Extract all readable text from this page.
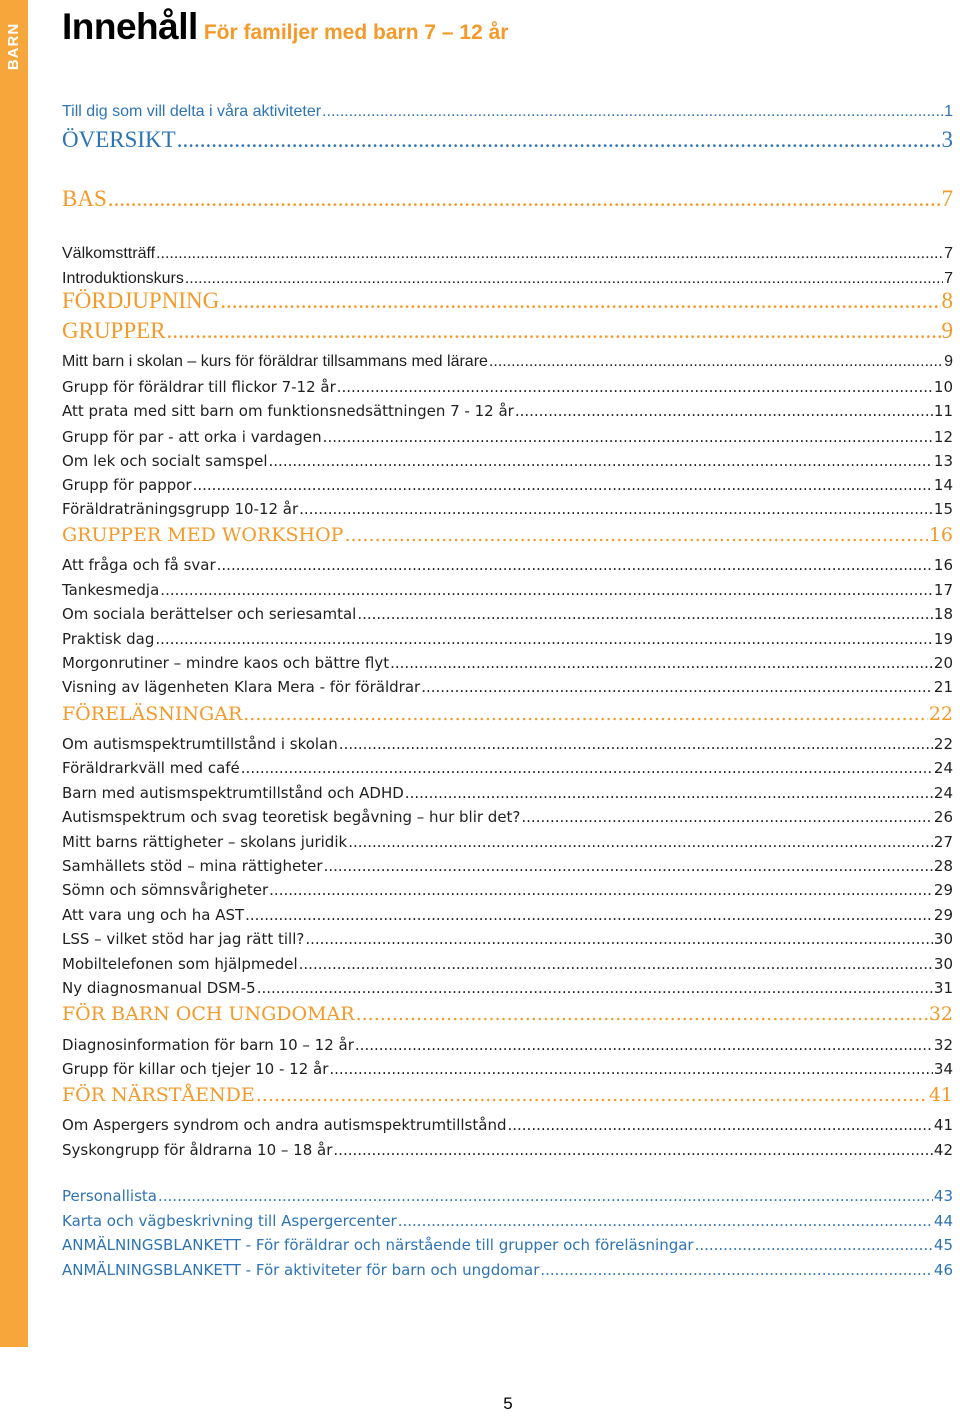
BARN Innehåll För familjer med barn 7 – 12 år
Till dig som vill delta i våra aktiviteter .....	1
ÖVERSIKT .....	3
BAS .....	7
Välkomstträff .....	7
Introduktionskurs .....	7
FÖRDJUPNING .....	8
GRUPPER .....	9
Mitt barn i skolan – kurs för föräldrar tillsammans med lärare .....	9
Grupp för föräldrar till flickor 7-12 år .....	10
Att prata med sitt barn om funktionsnedsättningen 7 - 12 år .....	11
Grupp för par - att orka i vardagen .....	12
Om lek och socialt samspel .....	13
Grupp för pappor .....	14
Föräldraträningsgrupp 10-12 år .....	15
GRUPPER MED WORKSHOP .....	16
Att fråga och få svar .....	16
Tankesmedja .....	17
Om sociala berättelser och seriesamtal .....	18
Praktisk dag .....	19
Morgonrutiner – mindre kaos och bättre flyt .....	20
Visning av lägenheten Klara Mera - för föräldrar .....	21
FÖRELÄSNINGAR .....	22
Om autismspektrumtillstånd i skolan .....	22
Föräldrarkväll med café .....	24
Barn med autismspektrumtillstånd och ADHD .....	24
Autismspektrum och svag teoretisk begåvning – hur blir det? .....	26
Mitt barns rättigheter – skolans juridik .....	27
Samhällets stöd – mina rättigheter .....	28
Sömn och sömnsvårigheter .....	29
Att vara ung och ha AST .....	29
LSS – vilket stöd har jag rätt till? .....	30
Mobiltelefonen som hjälpmedel .....	30
Ny diagnosmanual DSM-5 .....	31
FÖR BARN OCH UNGDOMAR .....	32
Diagnosinformation för barn 10 – 12 år .....	32
Grupp för killar och tjejer 10 - 12 år .....	34
FÖR NÄRSTÅENDE .....	41
Om Aspergers syndrom och andra autismspektrumtillstånd .....	41
Syskongrupp för åldrarna 10 – 18 år .....	42
Personallista .....	43
Karta och vägbeskrivning till Aspergercenter .....	44
ANMÄLNINGSBLANKETT - För föräldrar och närstående till grupper och föreläsningar .....	45
ANMÄLNINGSBLANKETT - För aktiviteter för barn och ungdomar .....	46
5
